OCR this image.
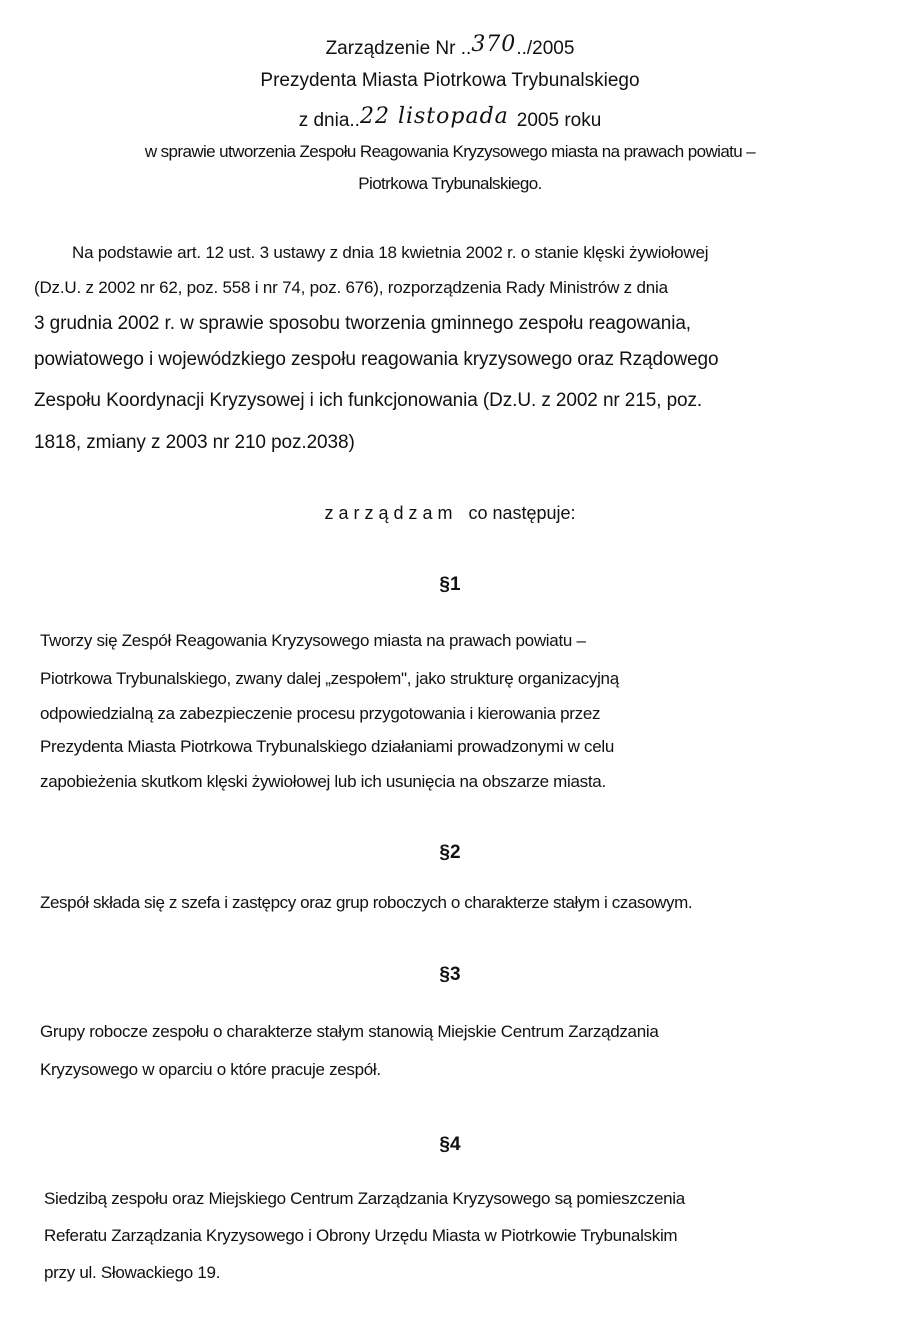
Zarządzenie Nr ..370../2005
Prezydenta Miasta Piotrkowa Trybunalskiego
z dnia..22 listopada 2005 roku
w sprawie utworzenia Zespołu Reagowania Kryzysowego miasta na prawach powiatu –
Piotrkowa Trybunalskiego.
Na podstawie art. 12 ust. 3 ustawy z dnia 18 kwietnia 2002 r. o stanie klęski żywiołowej
(Dz.U. z 2002 nr 62, poz. 558 i nr 74, poz. 676), rozporządzenia Rady Ministrów z dnia
3 grudnia 2002 r. w sprawie sposobu tworzenia gminnego zespołu reagowania,
powiatowego i wojewódzkiego zespołu reagowania kryzysowego oraz Rządowego
Zespołu Koordynacji Kryzysowej i ich funkcjonowania (Dz.U. z 2002 nr 215, poz.
1818, zmiany z 2003 nr 210 poz.2038)
zarządzam co następuje:
§1
Tworzy się Zespół Reagowania Kryzysowego miasta na prawach powiatu –
Piotrkowa Trybunalskiego, zwany dalej „zespołem", jako strukturę organizacyjną
odpowiedzialną za zabezpieczenie procesu przygotowania i kierowania przez
Prezydenta Miasta Piotrkowa Trybunalskiego działaniami prowadzonymi w celu
zapobieżenia skutkom klęski żywiołowej lub ich usunięcia na obszarze miasta.
§2
Zespół składa się z szefa i zastępcy oraz grup roboczych o charakterze stałym i czasowym.
§3
Grupy robocze zespołu o charakterze stałym stanowią Miejskie Centrum Zarządzania
Kryzysowego w oparciu o które pracuje zespół.
§4
Siedzibą zespołu oraz Miejskiego Centrum Zarządzania Kryzysowego są pomieszczenia
Referatu Zarządzania Kryzysowego i Obrony Urzędu Miasta w Piotrkowie Trybunalskim
przy ul. Słowackiego 19.
